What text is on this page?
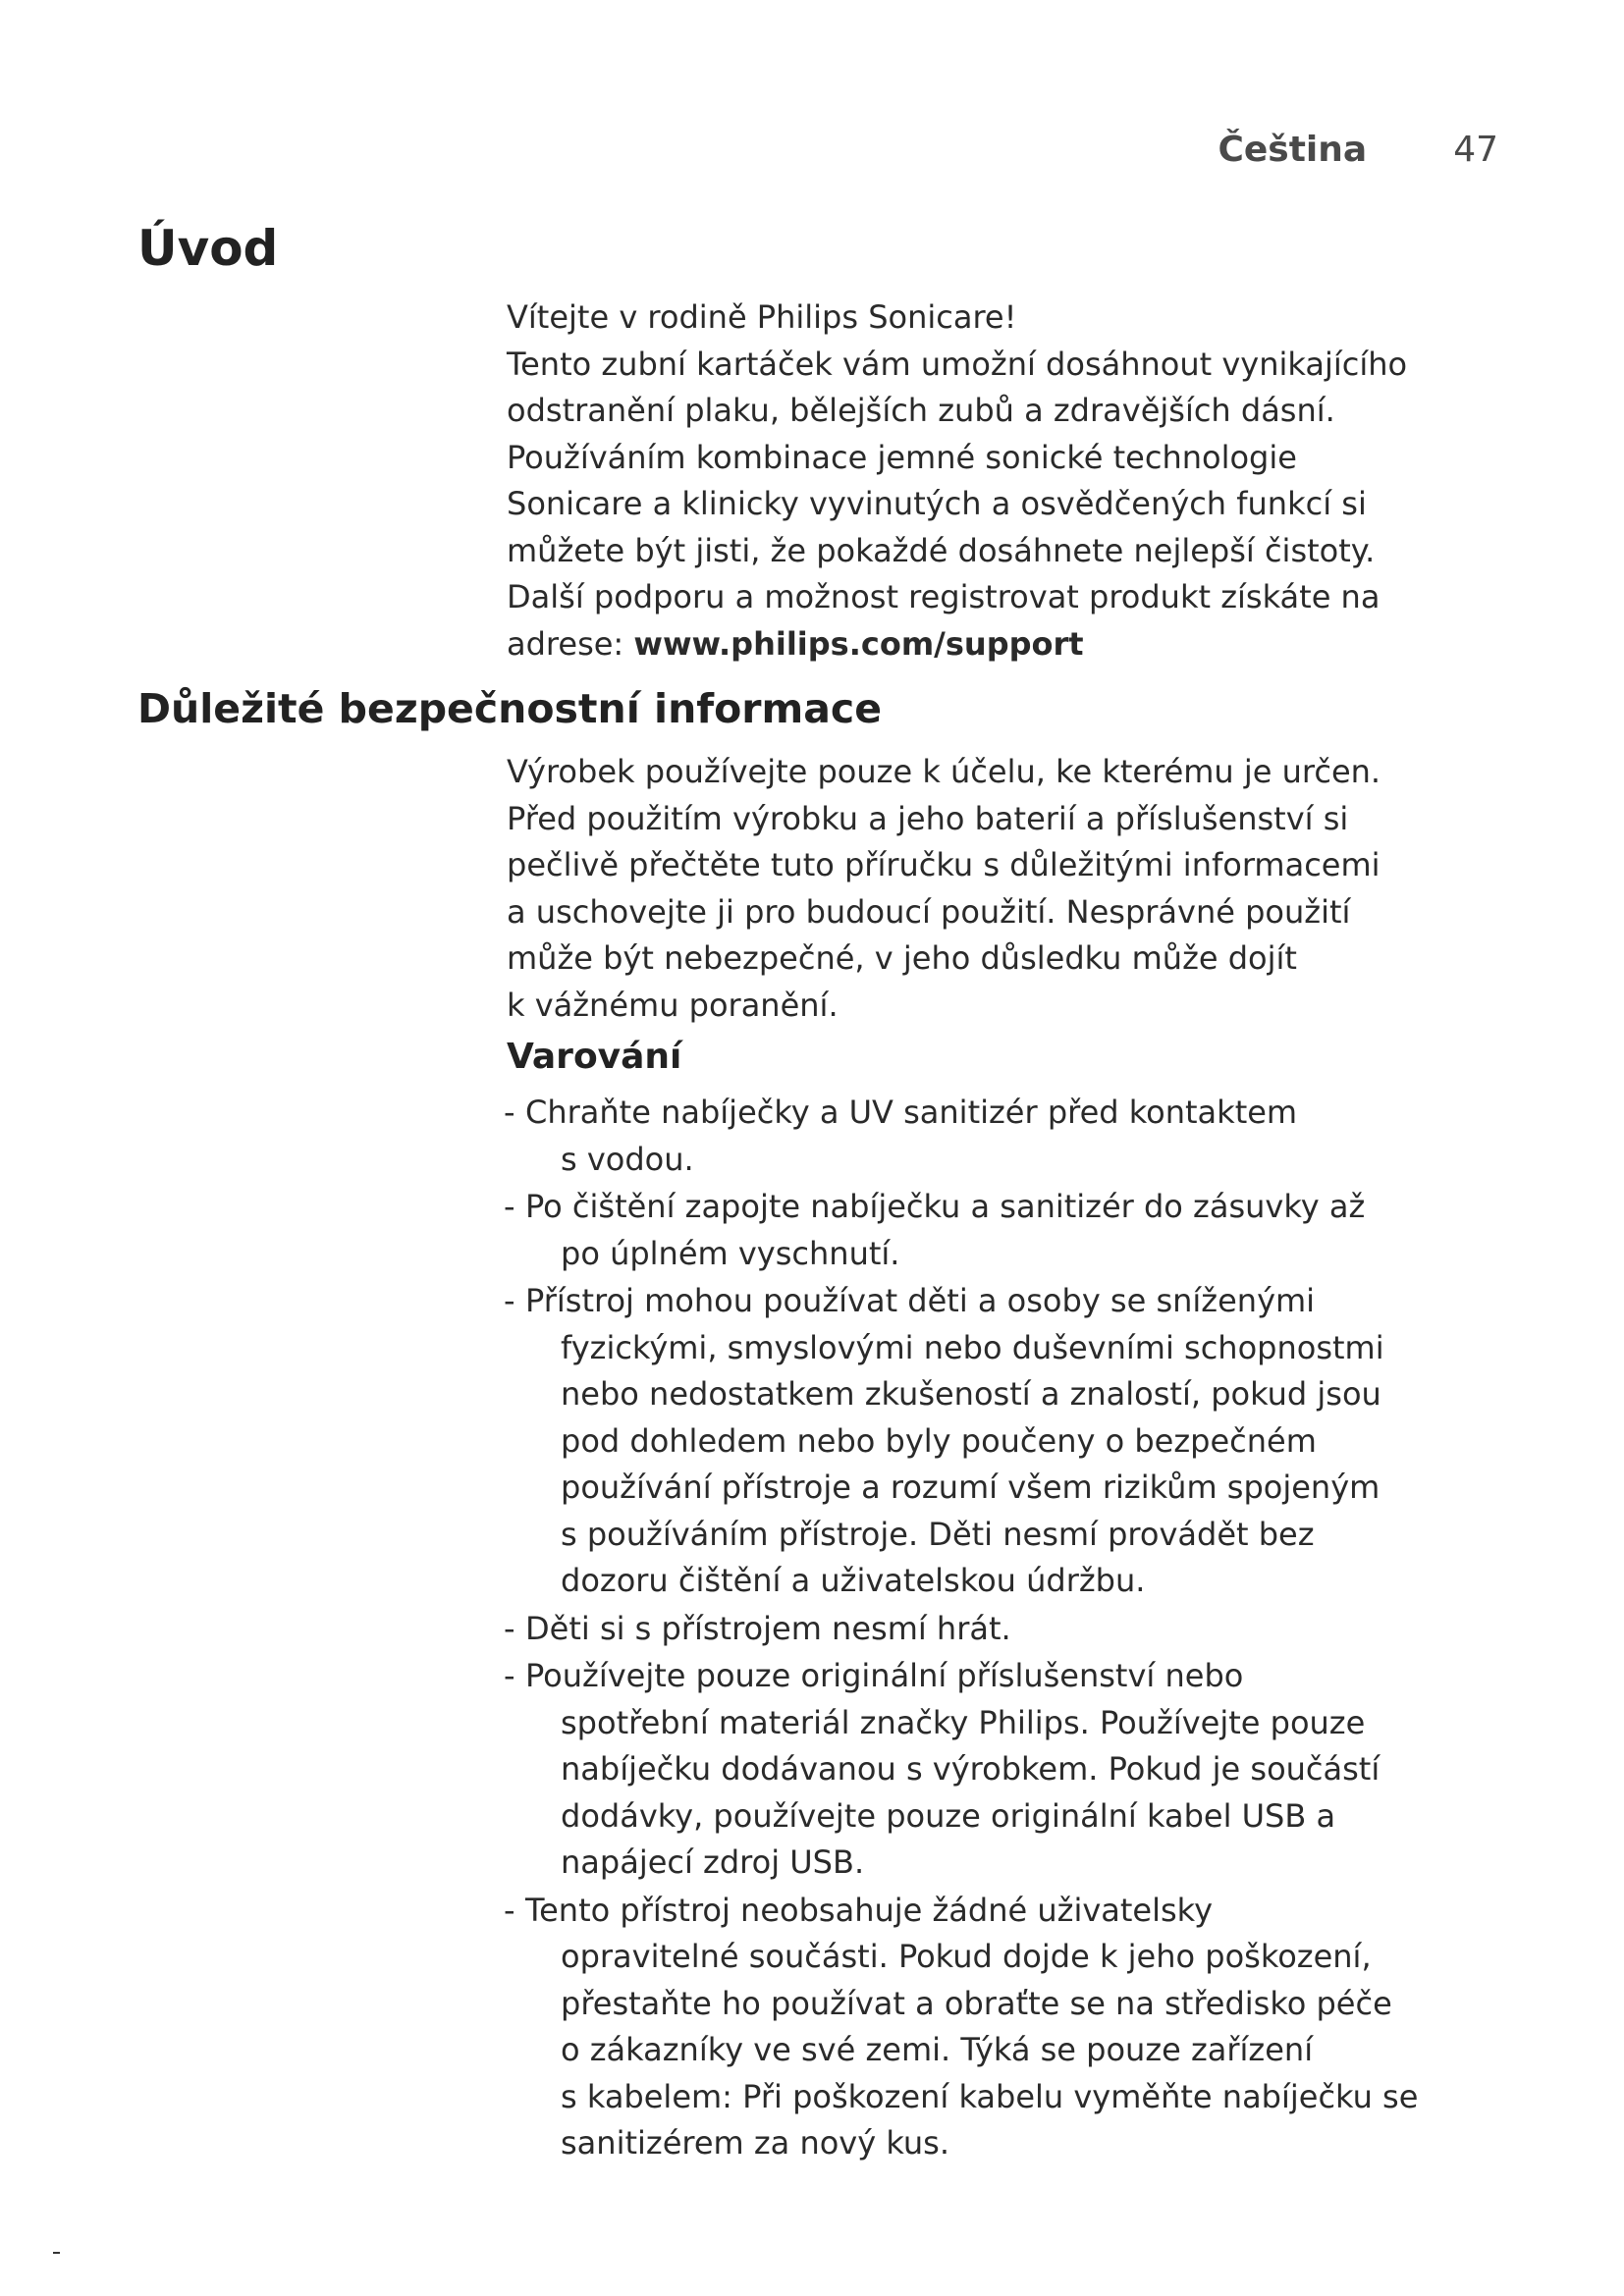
Čeština 47
Úvod
Vítejte v rodině Philips Sonicare!
Tento zubní kartáček vám umožní dosáhnout vynikajícího
odstranění plaku, bělejších zubů a zdravějších dásní.
Používáním kombinace jemné sonické technologie
Sonicare a klinicky vyvinutých a osvědčených funkcí si
můžete být jisti, že pokaždé dosáhnete nejlepší čistoty.
Další podporu a možnost registrovat produkt získáte na
adrese: www.philips.com/support
Důležité bezpečnostní informace
Výrobek používejte pouze k účelu, ke kterému je určen.
Před použitím výrobku a jeho baterií a příslušenství si
pečlivě přečtěte tuto příručku s důležitými informacemi
a uschovejte ji pro budoucí použití. Nesprávné použití
může být nebezpečné, v jeho důsledku může dojít
k vážnému poranění.
Varování
- Chraňte nabíječky a UV sanitizér před kontaktem
s vodou.
- Po čištění zapojte nabíječku a sanitizér do zásuvky až
po úplném vyschnutí.
- Přístroj mohou používat děti a osoby se sníženými
fyzickými, smyslovými nebo duševními schopnostmi
nebo nedostatkem zkušeností a znalostí, pokud jsou
pod dohledem nebo byly poučeny o bezpečném
používání přístroje a rozumí všem rizikům spojeným
s používáním přístroje. Děti nesmí provádět bez
dozoru čištění a uživatelskou údržbu.
- Děti si s přístrojem nesmí hrát.
- Používejte pouze originální příslušenství nebo
spotřební materiál značky Philips. Používejte pouze
nabíječku dodávanou s výrobkem. Pokud je součástí
dodávky, používejte pouze originální kabel USB a
napájecí zdroj USB.
- Tento přístroj neobsahuje žádné uživatelsky
opravitelné součásti. Pokud dojde k jeho poškození,
přestaňte ho používat a obraťte se na středisko péče
o zákazníky ve své zemi. Týká se pouze zařízení
s kabelem: Při poškození kabelu vyměňte nabíječku se
sanitizérem za nový kus.
